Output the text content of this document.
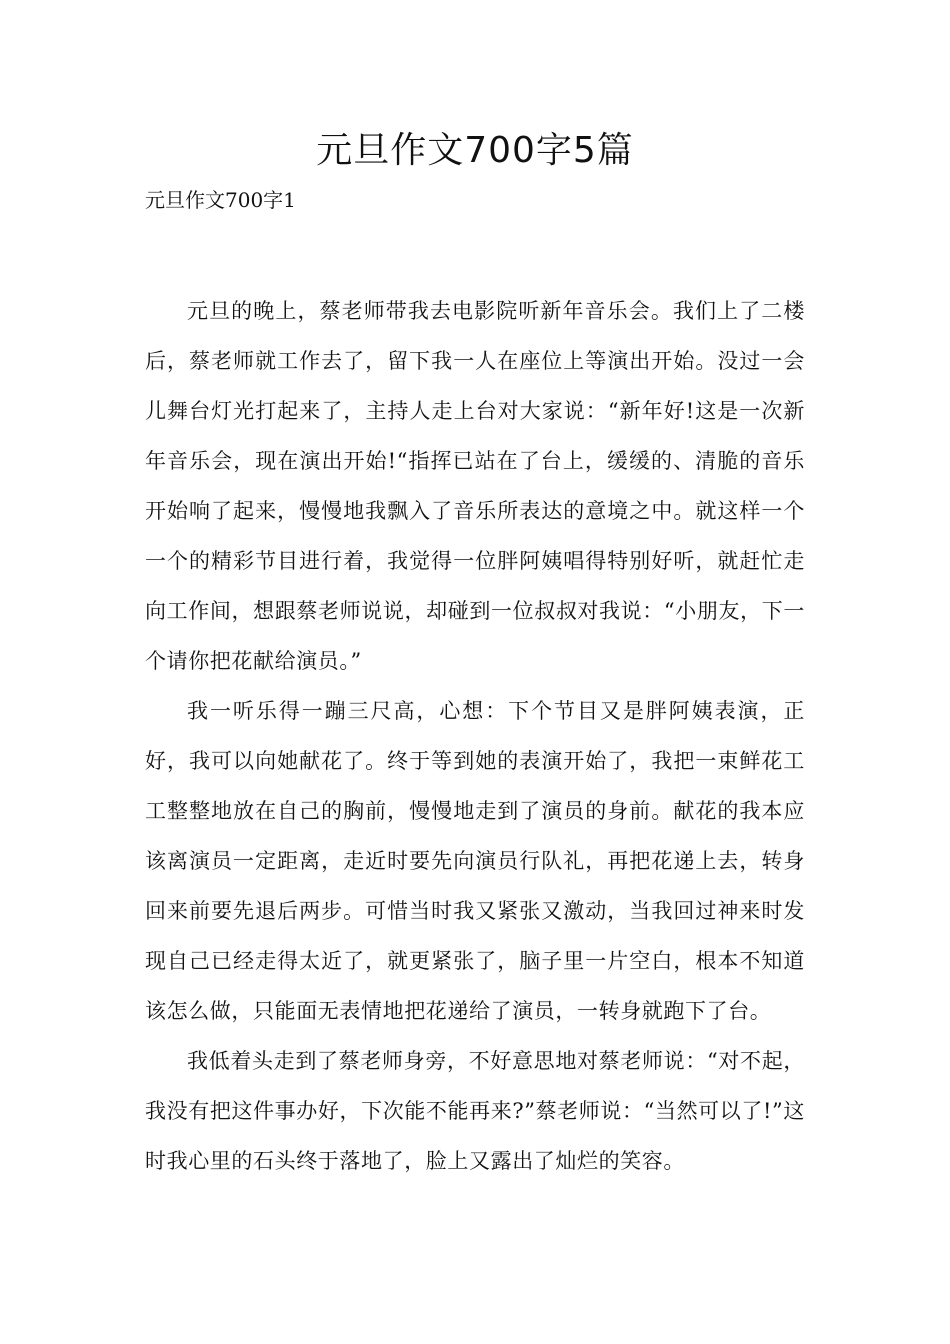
元旦作文700字5篇

元旦作文700字1

元旦的晚上，蔡老师带我去电影院听新年音乐会。我们上了二楼后，蔡老师就工作去了，留下我一人在座位上等演出开始。没过一会儿舞台灯光打起来了，主持人走上台对大家说：“新年好!这是一次新年音乐会，现在演出开始!“指挥已站在了台上，缓缓的、清脆的音乐开始响了起来，慢慢地我飘入了音乐所表达的意境之中。就这样一个一个的精彩节目进行着，我觉得一位胖阿姨唱得特别好听，就赶忙走向工作间，想跟蔡老师说说，却碰到一位叔叔对我说：“小朋友，下一个请你把花献给演员。”

我一听乐得一蹦三尺高，心想：下个节目又是胖阿姨表演，正好，我可以向她献花了。终于等到她的表演开始了，我把一束鲜花工工整整地放在自己的胸前，慢慢地走到了演员的身前。献花的我本应该离演员一定距离，走近时要先向演员行队礼，再把花递上去，转身回来前要先退后两步。可惜当时我又紧张又激动，当我回过神来时发现自己已经走得太近了，就更紧张了，脑子里一片空白，根本不知道该怎么做，只能面无表情地把花递给了演员，一转身就跑下了台。

我低着头走到了蔡老师身旁，不好意思地对蔡老师说：“对不起，我没有把这件事办好，下次能不能再来?”蔡老师说：“当然可以了!”这时我心里的石头终于落地了，脸上又露出了灿烂的笑容。
